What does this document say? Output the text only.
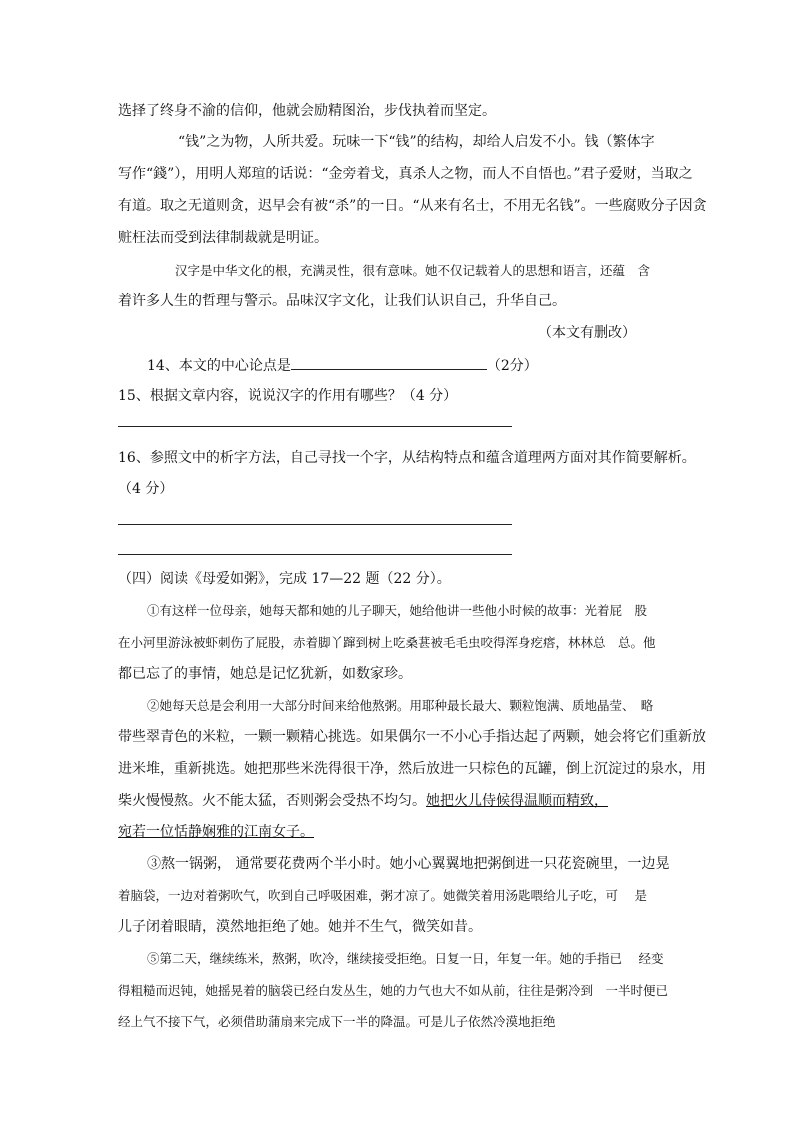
选择了终身不渝的信仰，他就会励精图治，步伐执着而坚定。
“钱”之为物，人所共爱。玩味一下“钱”的结构，却给人启发不小。钱（繁体字
写作“錢”），用明人郑瑄的话说：“金旁着戈，真杀人之物，而人不自悟也。”君子爱财，当取之
有道。取之无道则贪，迟早会有被“杀”的一日。“从来有名士，不用无名钱”。一些腐败分子因贪
赃枉法而受到法律制裁就是明证。
汉字是中华文化的根，充满灵性，很有意味。她不仅记载着人的思想和语言，还蕴　含
着许多人生的哲理与警示。品味汉字文化，让我们认识自己，升华自己。
（本文有删改）
14、本文的中心论点是	（2分）
15、根据文章内容，说说汉字的作用有哪些？（4 分）
16、参照文中的析字方法，自己寻找一个字，从结构特点和蕴含道理两方面对其作简要解析。
（4 分）
（四）阅读《母爱如粥》，完成 17—22 题（22 分）。
①有这样一位母亲，她每天都和她的儿子聊天，她给他讲一些他小时候的故事：光着屁　股
在小河里游泳被虾刺伤了屁股，赤着脚丫蹿到树上吃桑葚被毛毛虫咬得浑身疙瘩，林林总　总。他
都已忘了的事情，她总是记忆犹新，如数家珍。
②她每天总是会利用一大部分时间来给他熬粥。用耶种最长最大、颗粒饱满、质地晶莹、　略
带些翠青色的米粒，一颗一颗精心挑选。如果偶尔一不小心手指达起了两颗，她会将它们重新放
进米堆，重新挑选。她把那些米洗得很干净，然后放进一只棕色的瓦罐，倒上沉淀过的泉水，用
柴火慢慢熬。火不能太猛，否则粥会受热不均匀。她把火儿侍候得温顺而精致，
宛若一位恬静娴雅的江南女子。
③熬一锅粥， 通常要花费两个半小时。她小心翼翼地把粥倒进一只花瓷碗里，一边晃
着脑袋，一边对着粥吹气，吹到自己呼吸困难，粥才凉了。她微笑着用汤匙喂给儿子吃，可　 是
儿子闭着眼睛，漠然地拒绝了她。她并不生气，微笑如昔。
⑤第二天，继续练米，熬粥，吹冷，继续接受拒绝。日复一日，年复一年。她的手指已　 经变
得粗糙而迟钝，她摇晃着的脑袋已经白发丛生，她的力气也大不如从前，往往是粥冷到　一半时便已
经上气不接下气，必须借助蒲扇来完成下一半的降温。可是儿子依然冷漠地拒绝
